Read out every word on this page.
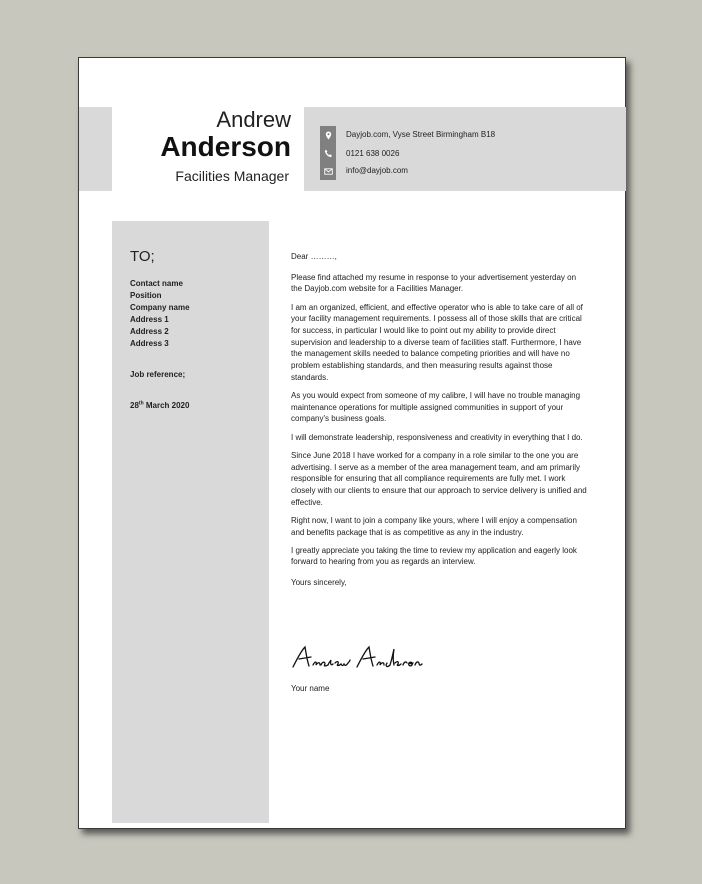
Andrew
Anderson
Facilities Manager
Dayjob.com, Vyse Street Birmingham B18
0121 638 0026
info@dayjob.com
TO;
Contact name
Position
Company name
Address 1
Address 2
Address 3
Job reference;
28th March 2020

Dear ………,

Please find attached my resume in response to your advertisement yesterday on the Dayjob.com website for a Facilities Manager.

I am an organized, efficient, and effective operator who is able to take care of all of your facility management requirements. I possess all of those skills that are critical for success, in particular I would like to point out my ability to provide direct supervision and leadership to a diverse team of facilities staff. Furthermore, I have the management skills needed to balance competing priorities and will have no problem establishing standards, and then measuring results against those standards.

As you would expect from someone of my calibre, I will have no trouble managing maintenance operations for multiple assigned communities in support of your company's business goals.

I will demonstrate leadership, responsiveness and creativity in everything that I do.

Since June 2018 I have worked for a company in a role similar to the one you are advertising. I serve as a member of the area management team, and am primarily responsible for ensuring that all compliance requirements are fully met. I work closely with our clients to ensure that our approach to service delivery is unified and effective.

Right now, I want to join a company like yours, where I will enjoy a compensation and benefits package that is as competitive as any in the industry.

I greatly appreciate you taking the time to review my application and eagerly look forward to hearing from you as regards an interview.

Yours sincerely,

Your name
